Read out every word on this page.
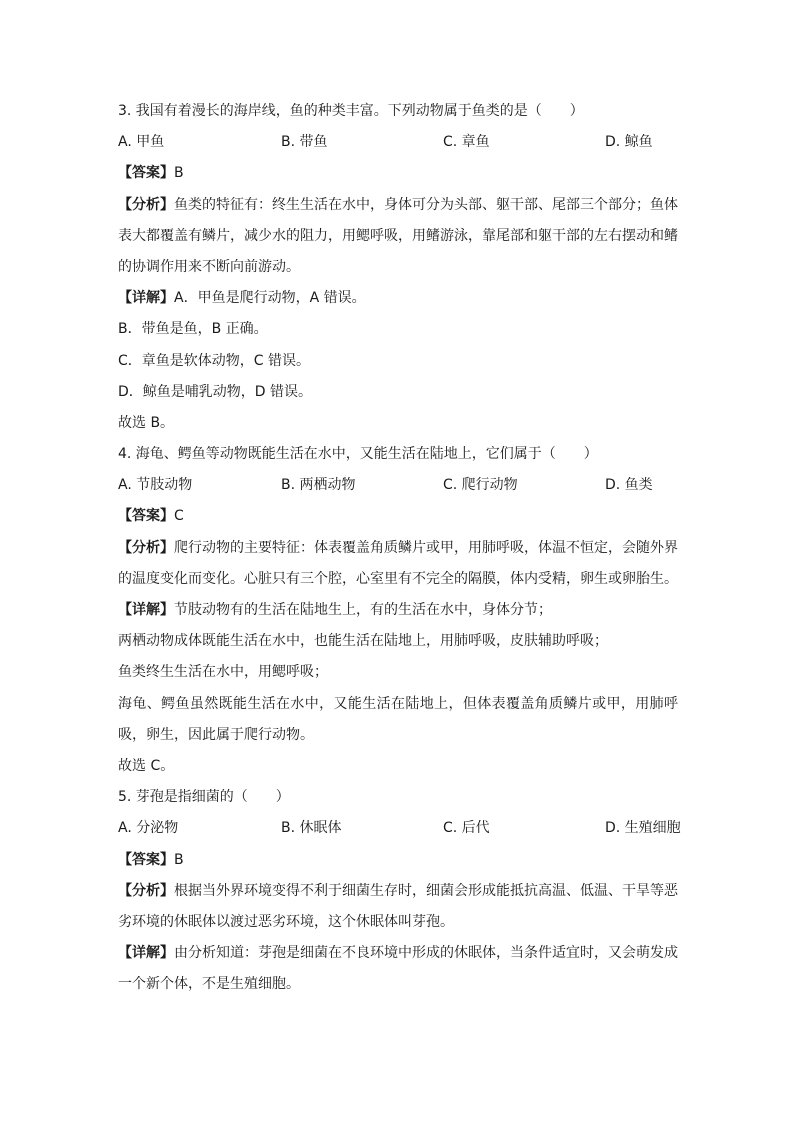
3. 我国有着漫长的海岸线，鱼的种类丰富。下列动物属于鱼类的是（　　）
A. 甲鱼	B. 带鱼	C. 章鱼	D. 鲸鱼
【答案】B
【分析】鱼类的特征有：终生生活在水中，身体可分为头部、躯干部、尾部三个部分；鱼体表大都覆盖有鳞片，减少水的阻力，用鳃呼吸，用鳍游泳，靠尾部和躯干部的左右摆动和鳍的协调作用来不断向前游动。
【详解】A．甲鱼是爬行动物，A 错误。
B．带鱼是鱼，B 正确。
C．章鱼是软体动物，C 错误。
D．鲸鱼是哺乳动物，D 错误。
故选 B。
4. 海龟、鳄鱼等动物既能生活在水中，又能生活在陆地上，它们属于（　　）
A. 节肢动物	B. 两栖动物	C. 爬行动物	D. 鱼类
【答案】C
【分析】爬行动物的主要特征：体表覆盖角质鳞片或甲，用肺呼吸，体温不恒定，会随外界的温度变化而变化。心脏只有三个腔，心室里有不完全的隔膜，体内受精，卵生或卵胎生。
【详解】节肢动物有的生活在陆地生上，有的生活在水中，身体分节；
两栖动物成体既能生活在水中，也能生活在陆地上，用肺呼吸，皮肤辅助呼吸；
鱼类终生生活在水中，用鳃呼吸；
海龟、鳄鱼虽然既能生活在水中，又能生活在陆地上，但体表覆盖角质鳞片或甲，用肺呼吸，卵生，因此属于爬行动物。
故选 C。
5. 芽孢是指细菌的（　　）
A. 分泌物	B. 休眠体	C. 后代	D. 生殖细胞
【答案】B
【分析】根据当外界环境变得不利于细菌生存时，细菌会形成能抵抗高温、低温、干旱等恶劣环境的休眠体以渡过恶劣环境，这个休眠体叫芽孢。
【详解】由分析知道：芽孢是细菌在不良环境中形成的休眠体，当条件适宜时，又会萌发成一个新个体，不是生殖细胞。
